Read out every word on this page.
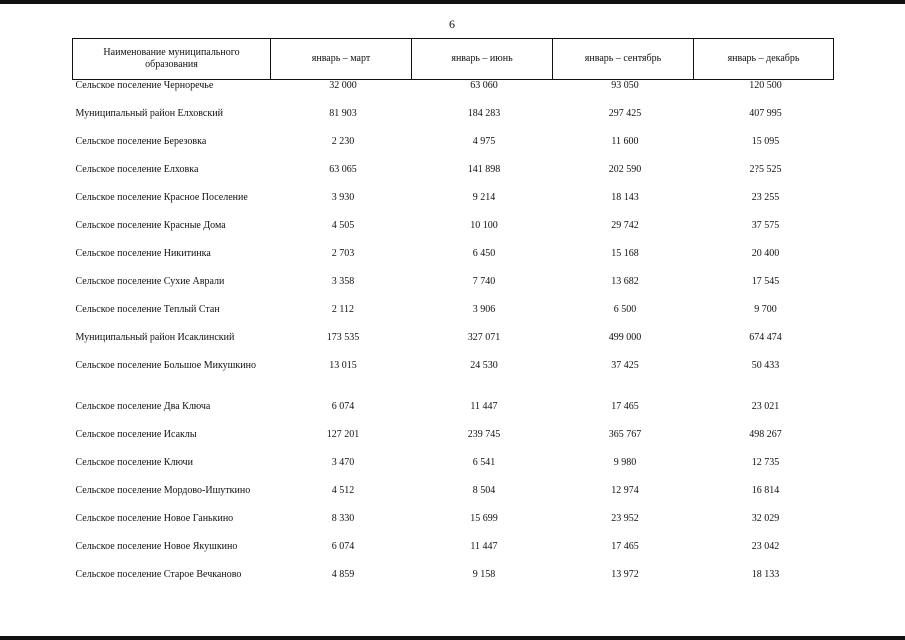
6
Наименование муниципального образования	январь – март	январь – июнь	январь – сентябрь	январь – декабрь
Сельское поселение Черноречье	32 000	63 060	93 050	120 500
Муниципальный район Елховский	81 903	184 283	297 425	407 995
Сельское поселение Березовка	2 230	4 975	11 600	15 095
Сельское поселение Елховка	63 065	141 898	202 590	2?5 525
Сельское поселение Красное Поселение	3 930	9 214	18 143	23 255
Сельское поселение Красные Дома	4 505	10 100	29 742	37 575
Сельское поселение Никитинка	2 703	6 450	15 168	20 400
Сельское поселение Сухие Аврали	3 358	7 740	13 682	17 545
Сельское поселение Теплый Стан	2 112	3 906	6 500	9 700
Муниципальный район Исаклинский	173 535	327 071	499 000	674 474
Сельское поселение Большое Микушкино	13 015	24 530	37 425	50 433
Сельское поселение Два Ключа	6 074	11 447	17 465	23 021
Сельское поселение Исаклы	127 201	239 745	365 767	498 267
Сельское поселение Ключи	3 470	6 541	9 980	12 735
Сельское поселение Мордово-Ишуткино	4 512	8 504	12 974	16 814
Сельское поселение Новое Ганькино	8 330	15 699	23 952	32 029
Сельское поселение Новое Якушкино	6 074	11 447	17 465	23 042
Сельское поселение Старое Вечканово	4 859	9 158	13 972	18 133
